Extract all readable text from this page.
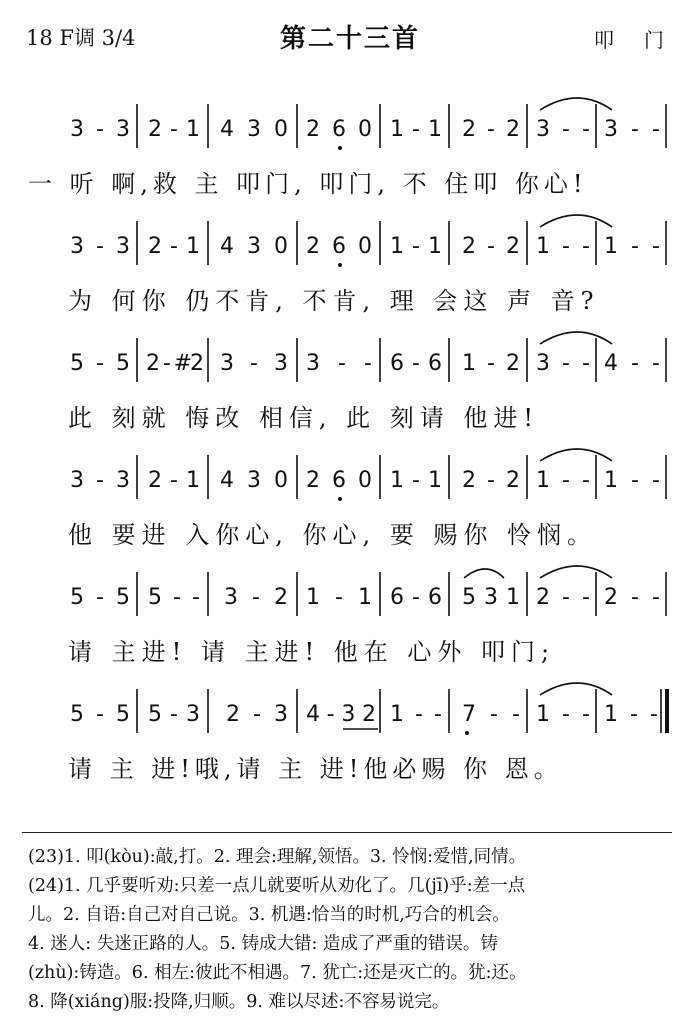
18 F调 3/4	第二十三首	叩门
3 - 3 2 - 1 4 3 0 2 6 0 1 - 1 2 - 2 3 - - 3 - -
一 听 啊,救 主 叩门, 叩门, 不 住叩 你心!
3 - 3 2 - 1 4 3 0 2 6 0 1 - 1 2 - 2 1 - - 1 - -
为 何你 仍不肯, 不肯, 理 会这 声 音?
5 - 5 2 - #2 3 - 3 3 - - 6 - 6 1 - 2 3 - - 4 - -
此 刻就 悔改 相信, 此 刻请 他进!
3 - 3 2 - 1 4 3 0 2 6 0 1 - 1 2 - 2 1 - - 1 - -
他 要进 入你心, 你心, 要 赐你 怜悯。
5 - 5 5 - - 3 - 2 1 - 1 6 - 6 5 3 1 2 - - 2 - -
请 主进! 请 主进! 他在 心外 叩门;
5 - 5 5 - 3 2 - 3 4 - 3 2 1 - - 7 - - 1 - - 1 - -
请 主 进!哦,请 主 进!他必赐 你 恩。
(23)1. 叩(kòu):敲,打。2. 理会:理解,领悟。3. 怜悯:爱惜,同情。
(24)1. 几乎要听劝:只差一点儿就要听从劝化了。几(jī)乎:差一点
儿。2. 自语:自己对自己说。3. 机遇:恰当的时机,巧合的机会。
4. 迷人: 失迷正路的人。5. 铸成大错: 造成了严重的错误。铸
(zhù):铸造。6. 相左:彼此不相遇。7. 犹亡:还是灭亡的。犹:还。
8. 降(xiáng)服:投降,归顺。9. 难以尽述:不容易说完。
